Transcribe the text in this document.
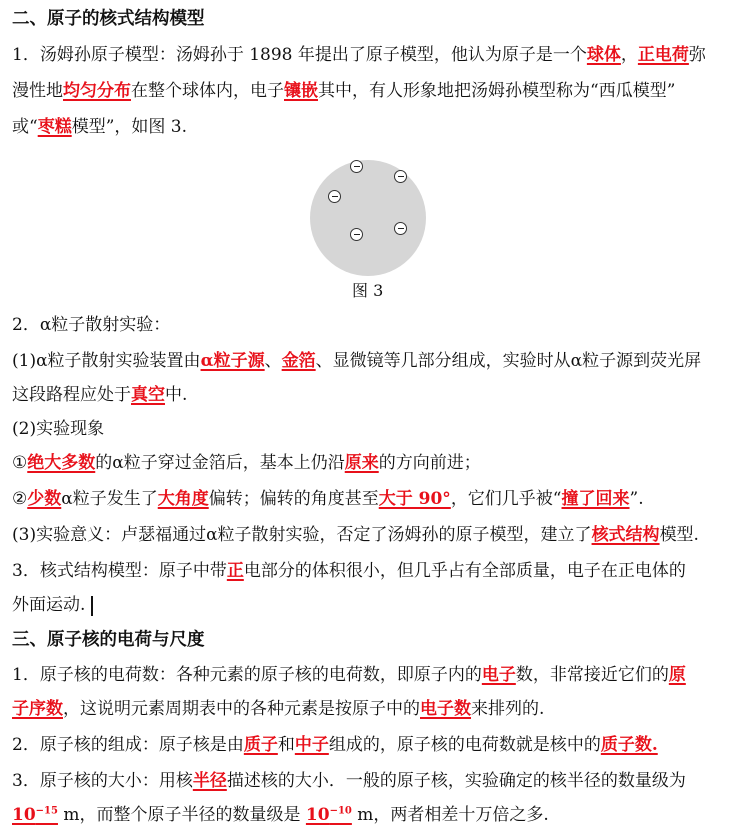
二、原子的核式结构模型
1．汤姆孙原子模型：汤姆孙于 1898 年提出了原子模型，他认为原子是一个球体，正电荷弥
漫性地均匀分布在整个球体内，电子镶嵌其中，有人形象地把汤姆孙模型称为“西瓜模型”
或“枣糕模型”，如图 3.
图 3
2．α粒子散射实验：
(1)α粒子散射实验装置由α粒子源、金箔、显微镜等几部分组成，实验时从α粒子源到荧光屏
这段路程应处于真空中.
(2)实验现象
①绝大多数的α粒子穿过金箔后，基本上仍沿原来的方向前进；
②少数α粒子发生了大角度偏转；偏转的角度甚至大于 90°，它们几乎被“撞了回来”.
(3)实验意义：卢瑟福通过α粒子散射实验，否定了汤姆孙的原子模型，建立了核式结构模型.
3．核式结构模型：原子中带正电部分的体积很小，但几乎占有全部质量，电子在正电体的
外面运动.
三、原子核的电荷与尺度
1．原子核的电荷数：各种元素的原子核的电荷数，即原子内的电子数，非常接近它们的原
子序数，这说明元素周期表中的各种元素是按原子中的电子数来排列的.
2．原子核的组成：原子核是由质子和中子组成的，原子核的电荷数就是核中的质子数.
3．原子核的大小：用核半径描述核的大小．一般的原子核，实验确定的核半径的数量级为
$10^{-15}$ m，而整个原子半径的数量级是 $10^{-10}$ m，两者相差十万倍之多.
